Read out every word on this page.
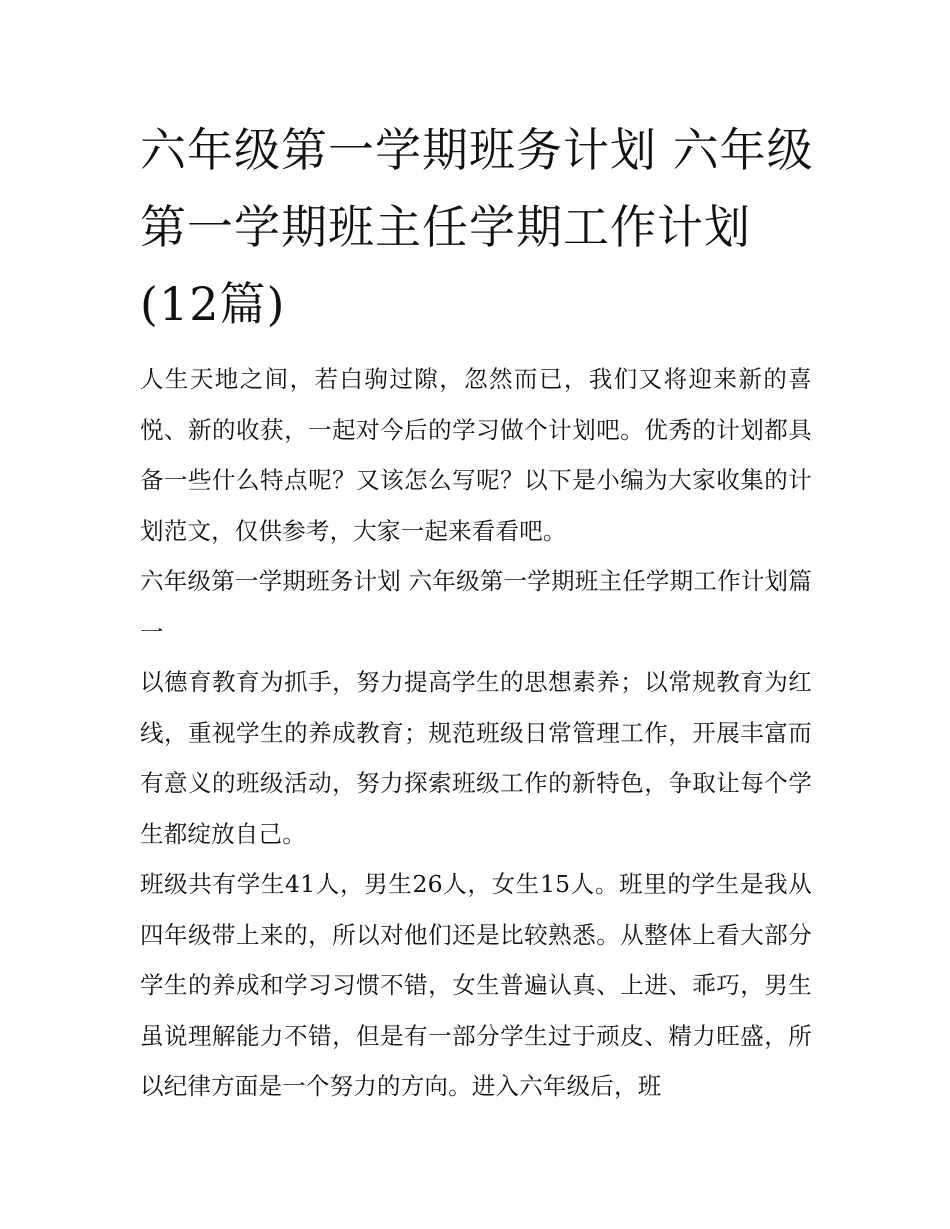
六年级第一学期班务计划 六年级第一学期班主任学期工作计划(12篇)

人生天地之间，若白驹过隙，忽然而已，我们又将迎来新的喜悦、新的收获，一起对今后的学习做个计划吧。优秀的计划都具备一些什么特点呢？又该怎么写呢？以下是小编为大家收集的计划范文，仅供参考，大家一起来看看吧。

六年级第一学期班务计划 六年级第一学期班主任学期工作计划篇一

以德育教育为抓手，努力提高学生的思想素养；以常规教育为红线，重视学生的养成教育；规范班级日常管理工作，开展丰富而有意义的班级活动，努力探索班级工作的新特色，争取让每个学生都绽放自己。

班级共有学生41人，男生26人，女生15人。班里的学生是我从四年级带上来的，所以对他们还是比较熟悉。从整体上看大部分学生的养成和学习习惯不错，女生普遍认真、上进、乖巧，男生虽说理解能力不错，但是有一部分学生过于顽皮、精力旺盛，所以纪律方面是一个努力的方向。进入六年级后，班
